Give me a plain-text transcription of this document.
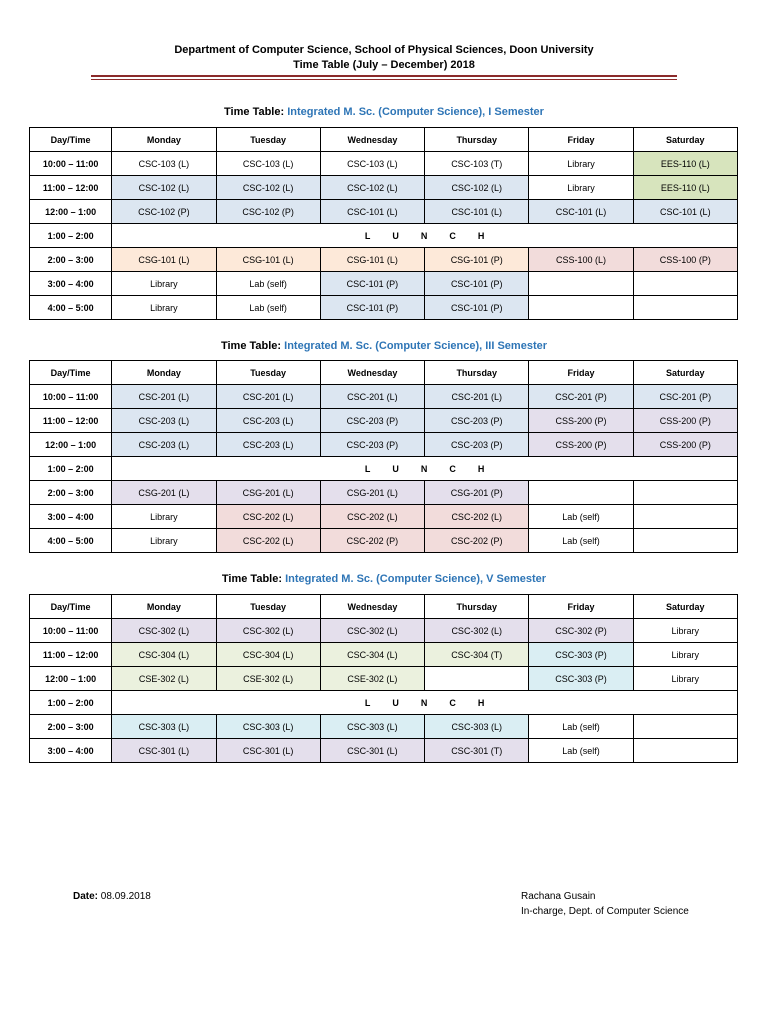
Department of Computer Science, School of Physical Sciences, Doon University
Time Table (July – December) 2018
Time Table: Integrated M. Sc. (Computer Science), I Semester
Day/Time	Monday	Tuesday	Wednesday	Thursday	Friday	Saturday
10:00 – 11:00	CSC-103 (L)	CSC-103 (L)	CSC-103 (L)	CSC-103 (T)	Library	EES-110 (L)
11:00 – 12:00	CSC-102 (L)	CSC-102 (L)	CSC-102 (L)	CSC-102 (L)	Library	EES-110 (L)
12:00 – 1:00	CSC-102 (P)	CSC-102 (P)	CSC-101 (L)	CSC-101 (L)	CSC-101 (L)	CSC-101 (L)
1:00 – 2:00	LUNCH					
2:00 – 3:00	CSG-101 (L)	CSG-101 (L)	CSG-101 (L)	CSG-101 (P)	CSS-100 (L)	CSS-100 (P)
3:00 – 4:00	Library	Lab (self)	CSC-101 (P)	CSC-101 (P)		
4:00 – 5:00	Library	Lab (self)	CSC-101 (P)	CSC-101 (P)		
Time Table: Integrated M. Sc. (Computer Science), III Semester
Day/Time	Monday	Tuesday	Wednesday	Thursday	Friday	Saturday
10:00 – 11:00	CSC-201 (L)	CSC-201 (L)	CSC-201 (L)	CSC-201 (L)	CSC-201 (P)	CSC-201 (P)
11:00 – 12:00	CSC-203 (L)	CSC-203 (L)	CSC-203 (P)	CSC-203 (P)	CSS-200 (P)	CSS-200 (P)
12:00 – 1:00	CSC-203 (L)	CSC-203 (L)	CSC-203 (P)	CSC-203 (P)	CSS-200 (P)	CSS-200 (P)
1:00 – 2:00	LUNCH					
2:00 – 3:00	CSG-201 (L)	CSG-201 (L)	CSG-201 (L)	CSG-201 (P)		
3:00 – 4:00	Library	CSC-202 (L)	CSC-202 (L)	CSC-202 (L)	Lab (self)	
4:00 – 5:00	Library	CSC-202 (L)	CSC-202 (P)	CSC-202 (P)	Lab (self)	
Time Table: Integrated M. Sc. (Computer Science), V Semester
Day/Time	Monday	Tuesday	Wednesday	Thursday	Friday	Saturday
10:00 – 11:00	CSC-302 (L)	CSC-302 (L)	CSC-302 (L)	CSC-302 (L)	CSC-302 (P)	Library
11:00 – 12:00	CSC-304 (L)	CSC-304 (L)	CSC-304 (L)	CSC-304 (T)	CSC-303 (P)	Library
12:00 – 1:00	CSE-302 (L)	CSE-302 (L)	CSE-302 (L)		CSC-303 (P)	Library
1:00 – 2:00	LUNCH					
2:00 – 3:00	CSC-303 (L)	CSC-303 (L)	CSC-303 (L)	CSC-303 (L)	Lab (self)	
3:00 – 4:00	CSC-301 (L)	CSC-301 (L)	CSC-301 (L)	CSC-301 (T)	Lab (self)	
Date: 08.09.2018	Rachana Gusain
In-charge, Dept. of Computer Science
